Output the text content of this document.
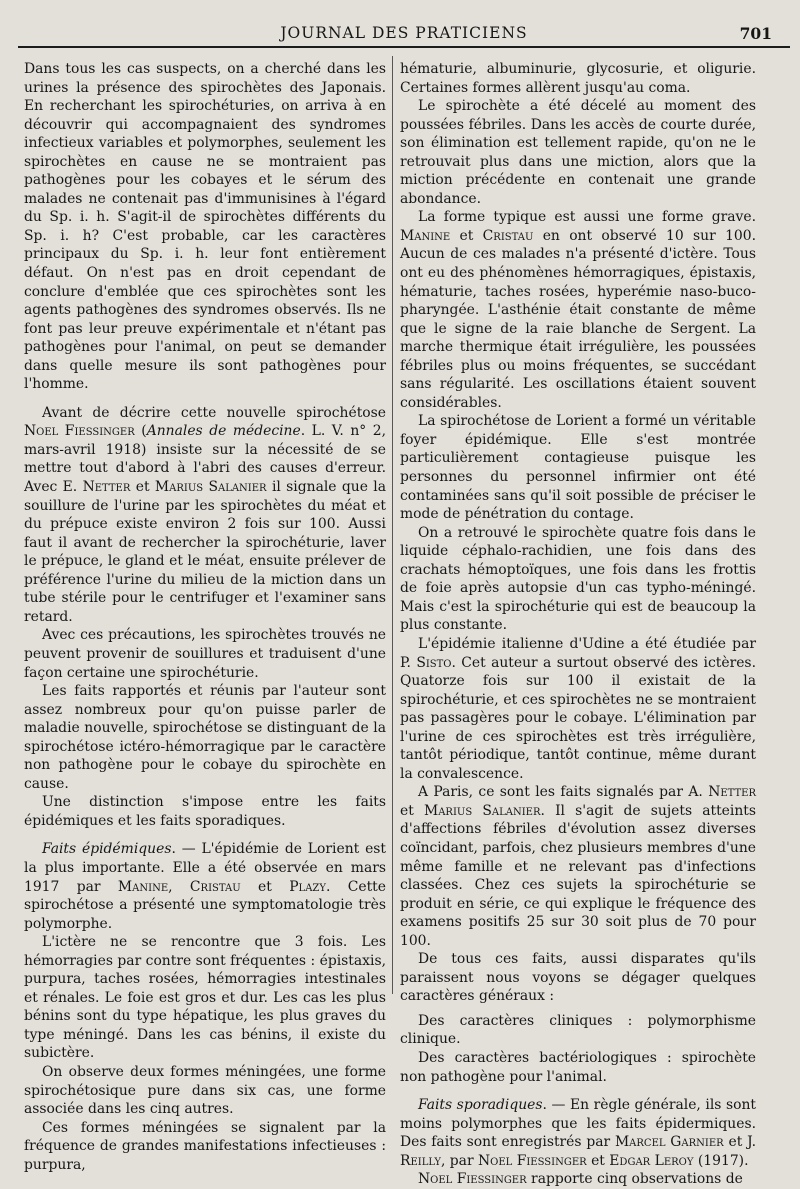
JOURNAL DES PRATICIENS	701

Dans tous les cas suspects, on a cherché dans les urines la présence des spirochètes des Japonais. En recherchant les spirochéturies, on arriva à en découvrir qui accompagnaient des syndromes infectieux variables et polymorphes, seulement les spirochètes en cause ne se montraient pas pathogènes pour les cobayes et le sérum des malades ne contenait pas d'immunisines à l'égard du Sp. i. h. S'agit-il de spirochètes différents du Sp. i. h? C'est probable, car les caractères principaux du Sp. i. h. leur font entièrement défaut. On n'est pas en droit cependant de conclure d'emblée que ces spirochètes sont les agents pathogènes des syndromes observés. Ils ne font pas leur preuve expérimentale et n'étant pas pathogènes pour l'animal, on peut se demander dans quelle mesure ils sont pathogènes pour l'homme.

Avant de décrire cette nouvelle spirochétose Noel Fiessinger (Annales de médecine. L. V. n° 2, mars-avril 1918) insiste sur la nécessité de se mettre tout d'abord à l'abri des causes d'erreur. Avec E. Netter et Marius Salanier il signale que la souillure de l'urine par les spirochètes du méat et du prépuce existe environ 2 fois sur 100. Aussi faut il avant de rechercher la spirochéturie, laver le prépuce, le gland et le méat, ensuite prélever de préférence l'urine du milieu de la miction dans un tube stérile pour le centrifuger et l'examiner sans retard.

Avec ces précautions, les spirochètes trouvés ne peuvent provenir de souillures et traduisent d'une façon certaine une spirochéturie.

Les faits rapportés et réunis par l'auteur sont assez nombreux pour qu'on puisse parler de maladie nouvelle, spirochétose se distinguant de la spirochétose ictéro-hémorragique par le caractère non pathogène pour le cobaye du spirochète en cause.

Une distinction s'impose entre les faits épidémiques et les faits sporadiques.

Faits épidémiques. — L'épidémie de Lorient est la plus importante. Elle a été observée en mars 1917 par Manine, Cristau et Plazy. Cette spirochétose a présenté une symptomatologie très polymorphe.

L'ictère ne se rencontre que 3 fois. Les hémorragies par contre sont fréquentes : épistaxis, purpura, taches rosées, hémorragies intestinales et rénales. Le foie est gros et dur. Les cas les plus bénins sont du type hépatique, les plus graves du type méningé. Dans les cas bénins, il existe du subictère.

On observe deux formes méningées, une forme spirochétosique pure dans six cas, une forme associée dans les cinq autres.

Ces formes méningées se signalent par la fréquence de grandes manifestations infectieuses : purpura,

hématurie, albuminurie, glycosurie, et oligurie. Certaines formes allèrent jusqu'au coma.

Le spirochète a été décelé au moment des poussées fébriles. Dans les accès de courte durée, son élimination est tellement rapide, qu'on ne le retrouvait plus dans une miction, alors que la miction précédente en contenait une grande abondance.

La forme typique est aussi une forme grave. Manine et Cristau en ont observé 10 sur 100. Aucun de ces malades n'a présenté d'ictère. Tous ont eu des phénomènes hémorragiques, épistaxis, hématurie, taches rosées, hyperémie naso-buco-pharyngée. L'asthénie était constante de même que le signe de la raie blanche de Sergent. La marche thermique était irrégulière, les poussées fébriles plus ou moins fréquentes, se succédant sans régularité. Les oscillations étaient souvent considérables.

La spirochétose de Lorient a formé un véritable foyer épidémique. Elle s'est montrée particulièrement contagieuse puisque les personnes du personnel infirmier ont été contaminées sans qu'il soit possible de préciser le mode de pénétration du contage.

On a retrouvé le spirochète quatre fois dans le liquide céphalo-rachidien, une fois dans des crachats hémoptoïques, une fois dans les frottis de foie après autopsie d'un cas typho-méningé. Mais c'est la spirochéturie qui est de beaucoup la plus constante.

L'épidémie italienne d'Udine a été étudiée par P. Sisto. Cet auteur a surtout observé des ictères. Quatorze fois sur 100 il existait de la spirochéturie, et ces spirochètes ne se montraient pas passagères pour le cobaye. L'élimination par l'urine de ces spirochètes est très irrégulière, tantôt périodique, tantôt continue, même durant la convalescence.

A Paris, ce sont les faits signalés par A. Netter et Marius Salanier. Il s'agit de sujets atteints d'affections fébriles d'évolution assez diverses coïncidant, parfois, chez plusieurs membres d'une même famille et ne relevant pas d'infections classées. Chez ces sujets la spirochéturie se produit en série, ce qui explique le fréquence des examens positifs 25 sur 30 soit plus de 70 pour 100.

De tous ces faits, aussi disparates qu'ils paraissent nous voyons se dégager quelques caractères généraux :

Des caractères cliniques : polymorphisme clinique.

Des caractères bactériologiques : spirochète non pathogène pour l'animal.

Faits sporadiques. — En règle générale, ils sont moins polymorphes que les faits épidermiques. Des faits sont enregistrés par Marcel Garnier et J. Reilly, par Noel Fiessinger et Edgar Leroy (1917).

Noel Fiessinger rapporte cinq observations de
